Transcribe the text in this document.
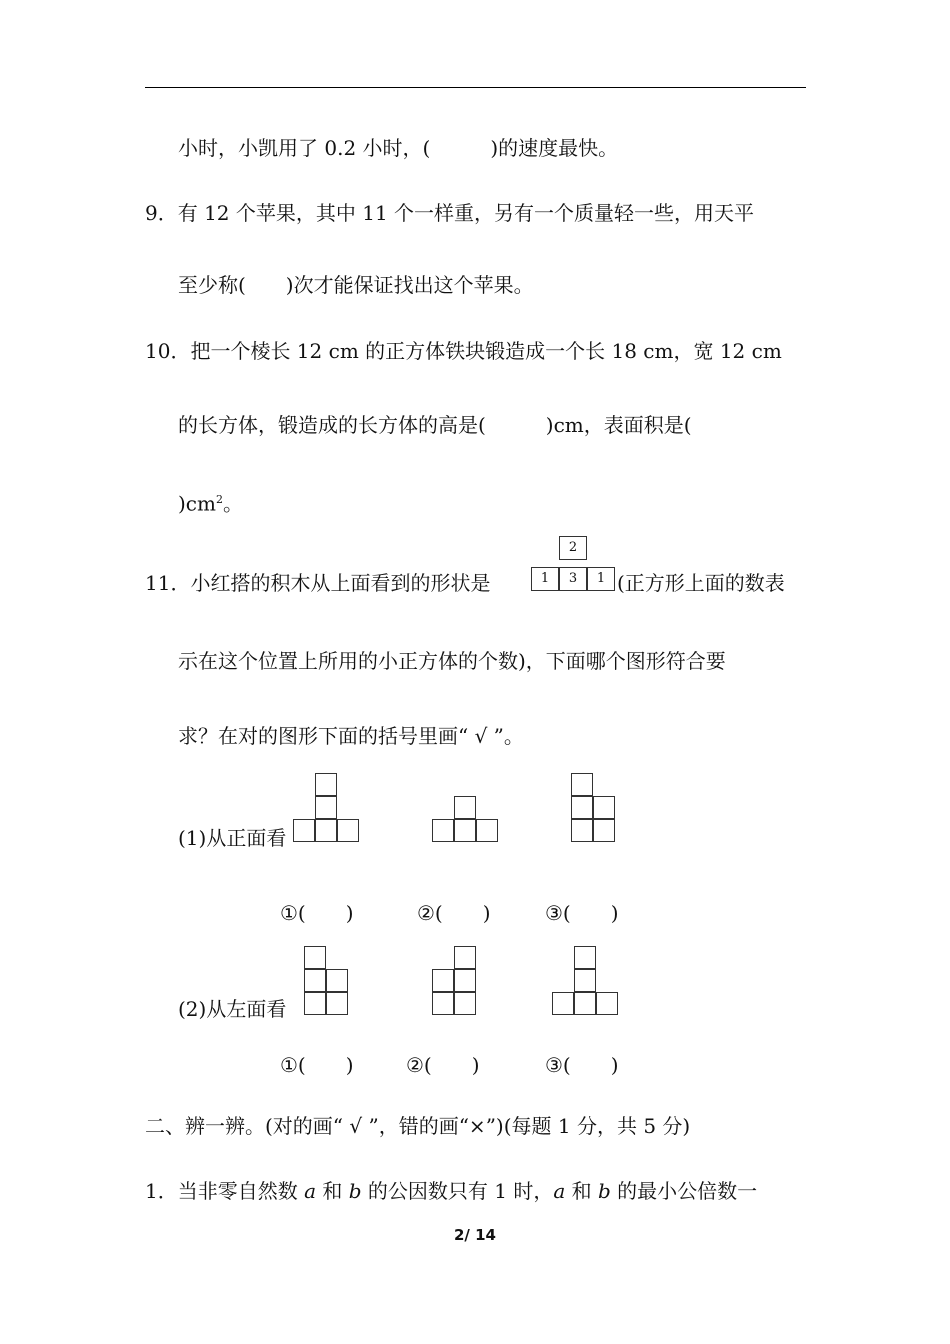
小时，小凯用了 0.2 小时，(　　　)的速度最快。
9．有 12 个苹果，其中 11 个一样重，另有一个质量轻一些，用天平
至少称(　　)次才能保证找出这个苹果。
10．把一个棱长 12 cm 的正方体铁块锻造成一个长 18 cm，宽 12 cm
的长方体，锻造成的长方体的高是(　　　)cm，表面积是(
)$cm^2$。
11．小红搭的积木从上面看到的形状是
2
1	3	1 (正方形上面的数表
示在这个位置上所用的小正方体的个数)，下面哪个图形符合要
求？在对的图形下面的括号里画“ √ ”。
(1)从正面看
①(　　)	②(　　)	③(　　)
(2)从左面看
①(　　)	②(　　)	③(　　)
二、辨一辨。(对的画“ √ ”，错的画“×”)(每题 1 分，共 5 分)
1．当非零自然数 a 和 b 的公因数只有 1 时，a 和 b 的最小公倍数一
2/ 14
